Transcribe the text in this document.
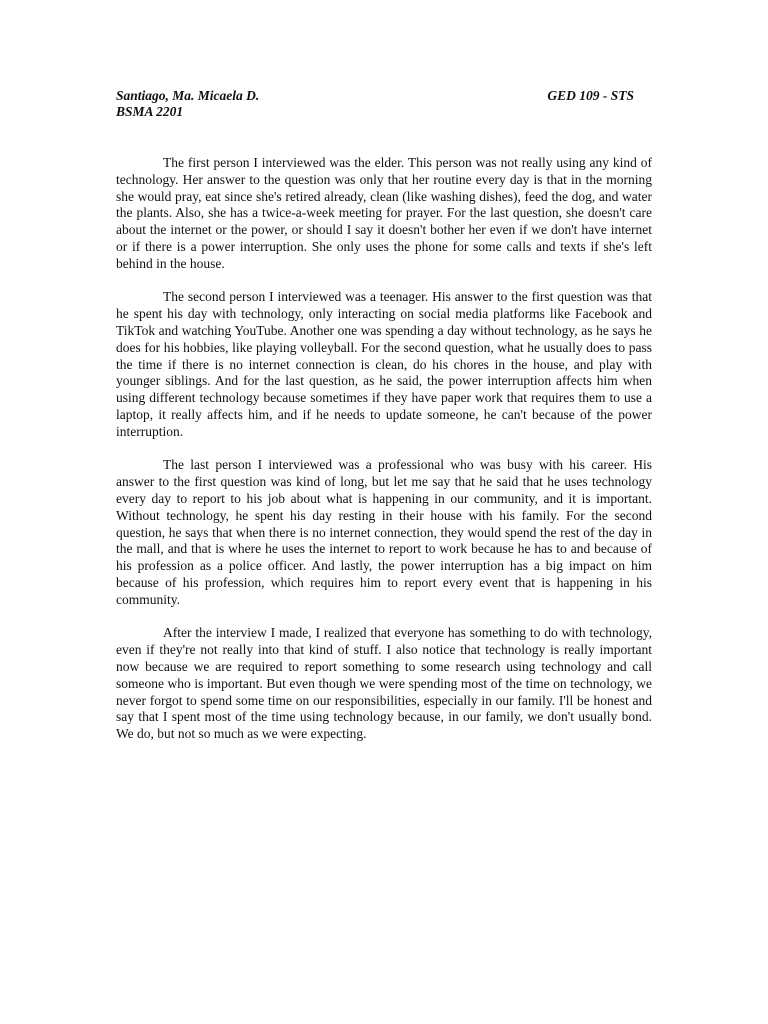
Santiago, Ma. Micaela D.	GED 109 - STS
BSMA 2201

The first person I interviewed was the elder. This person was not really using any kind of technology. Her answer to the question was only that her routine every day is that in the morning she would pray, eat since she's retired already, clean (like washing dishes), feed the dog, and water the plants. Also, she has a twice-a-week meeting for prayer. For the last question, she doesn't care about the internet or the power, or should I say it doesn't bother her even if we don't have internet or if there is a power interruption. She only uses the phone for some calls and texts if she's left behind in the house.

The second person I interviewed was a teenager. His answer to the first question was that he spent his day with technology, only interacting on social media platforms like Facebook and TikTok and watching YouTube. Another one was spending a day without technology, as he says he does for his hobbies, like playing volleyball. For the second question, what he usually does to pass the time if there is no internet connection is clean, do his chores in the house, and play with younger siblings. And for the last question, as he said, the power interruption affects him when using different technology because sometimes if they have paper work that requires them to use a laptop, it really affects him, and if he needs to update someone, he can't because of the power interruption.

The last person I interviewed was a professional who was busy with his career. His answer to the first question was kind of long, but let me say that he said that he uses technology every day to report to his job about what is happening in our community, and it is important. Without technology, he spent his day resting in their house with his family. For the second question, he says that when there is no internet connection, they would spend the rest of the day in the mall, and that is where he uses the internet to report to work because he has to and because of his profession as a police officer. And lastly, the power interruption has a big impact on him because of his profession, which requires him to report every event that is happening in his community.

After the interview I made, I realized that everyone has something to do with technology, even if they're not really into that kind of stuff. I also notice that technology is really important now because we are required to report something to some research using technology and call someone who is important. But even though we were spending most of the time on technology, we never forgot to spend some time on our responsibilities, especially in our family. I'll be honest and say that I spent most of the time using technology because, in our family, we don't usually bond. We do, but not so much as we were expecting.
